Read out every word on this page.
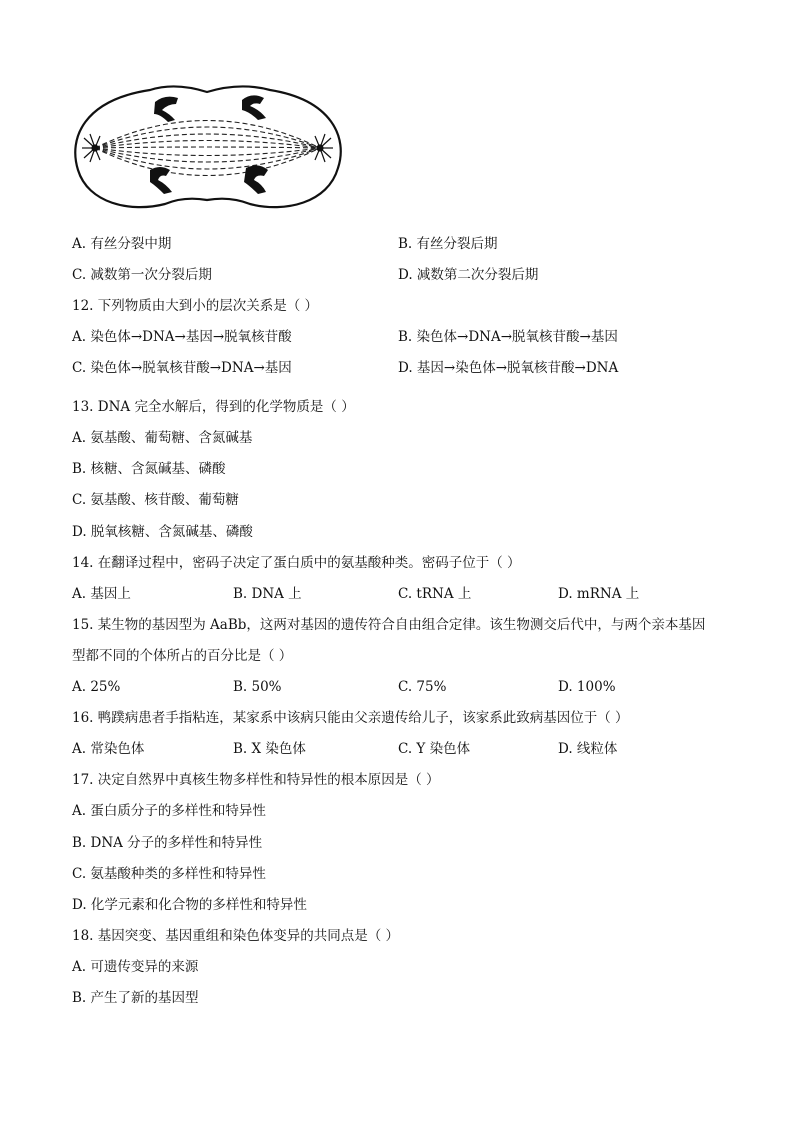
A. 有丝分裂中期	B. 有丝分裂后期
C. 减数第一次分裂后期	D. 减数第二次分裂后期
12. 下列物质由大到小的层次关系是（ ）
A. 染色体→DNA→基因→脱氧核苷酸	B. 染色体→DNA→脱氧核苷酸→基因
C. 染色体→脱氧核苷酸→DNA→基因	D. 基因→染色体→脱氧核苷酸→DNA
13. DNA 完全水解后，得到的化学物质是（ ）
A. 氨基酸、葡萄糖、含氮碱基
B. 核糖、含氮碱基、磷酸
C. 氨基酸、核苷酸、葡萄糖
D. 脱氧核糖、含氮碱基、磷酸
14. 在翻译过程中，密码子决定了蛋白质中的氨基酸种类。密码子位于（ ）
A. 基因上	B. DNA 上	C. tRNA 上	D. mRNA 上
15. 某生物的基因型为 AaBb，这两对基因的遗传符合自由组合定律。该生物测交后代中，与两个亲本基因
型都不同的个体所占的百分比是（ ）
A. 25%	B. 50%	C. 75%	D. 100%
16. 鸭蹼病患者手指粘连，某家系中该病只能由父亲遗传给儿子，该家系此致病基因位于（ ）
A. 常染色体	B. X 染色体	C. Y 染色体	D. 线粒体
17. 决定自然界中真核生物多样性和特异性的根本原因是（ ）
A. 蛋白质分子的多样性和特异性
B. DNA 分子的多样性和特异性
C. 氨基酸种类的多样性和特异性
D. 化学元素和化合物的多样性和特异性
18. 基因突变、基因重组和染色体变异的共同点是（ ）
A. 可遗传变异的来源
B. 产生了新的基因型
